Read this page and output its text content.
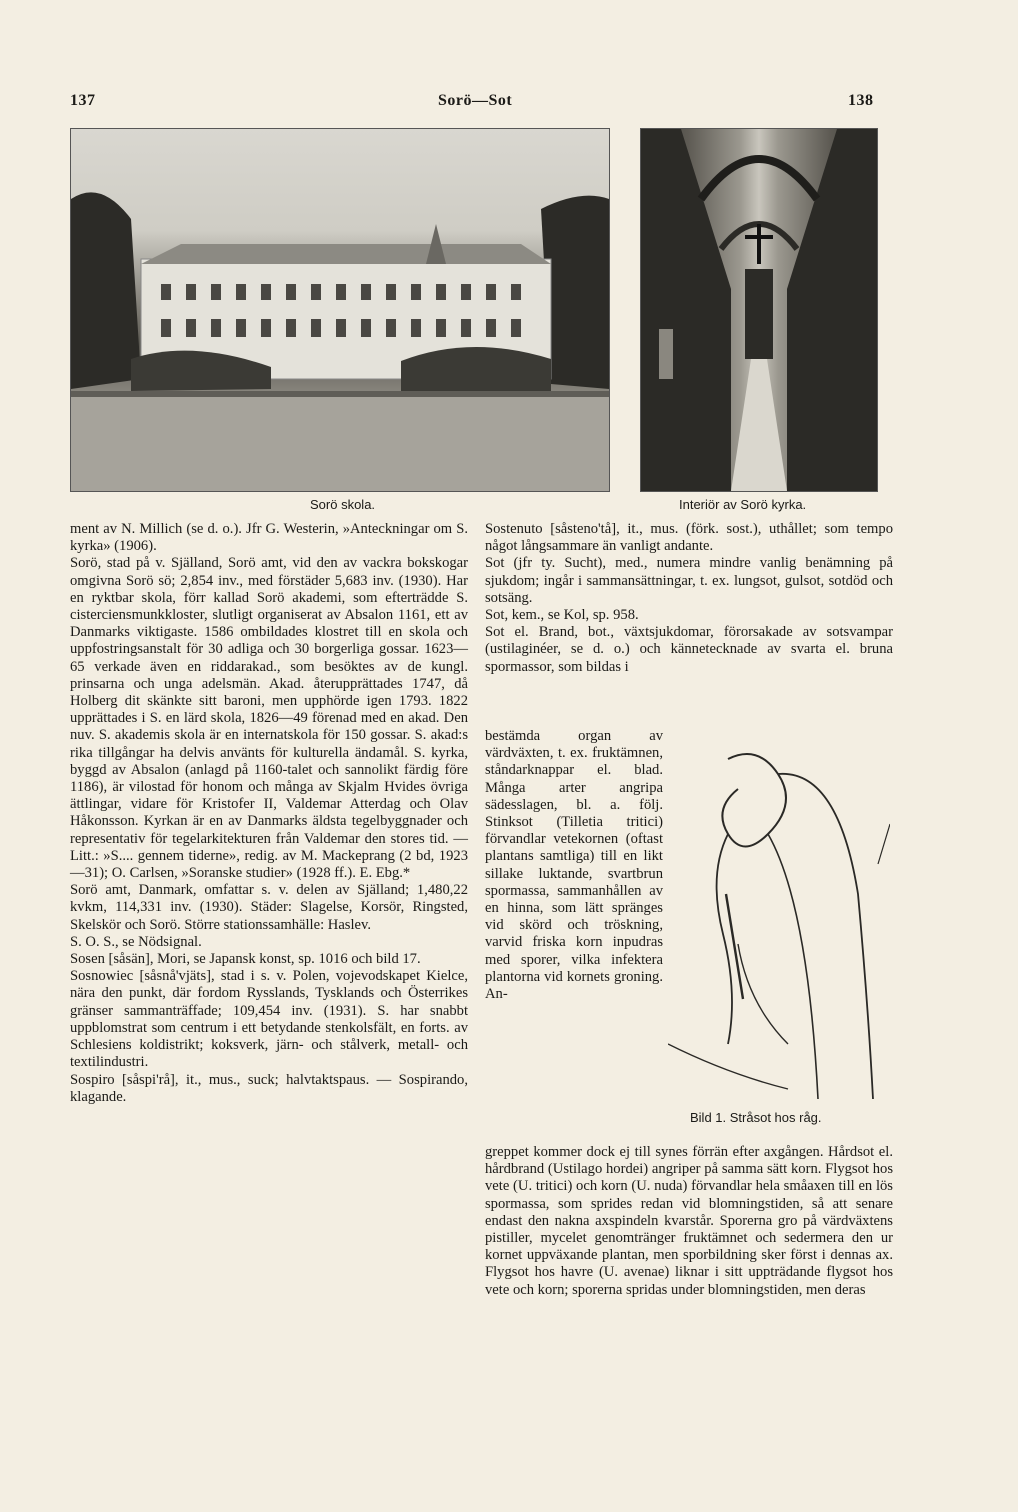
137	Sorö—Sot	138
Sorö skola.	Interiör av Sorö kyrka.

ment av N. Millich (se d. o.). Jfr G. Westerin, »Anteckningar om S. kyrka» (1906).

Sorö, stad på v. Själland, Sorö amt, vid den av vackra bokskogar omgivna Sorö sö; 2,854 inv., med förstäder 5,683 inv. (1930). Har en ryktbar skola, förr kallad Sorö akademi, som efterträdde S. cisterciensmunkkloster, slutligt organiserat av Absalon 1161, ett av Danmarks viktigaste. 1586 ombildades klostret till en skola och uppfostringsanstalt för 30 adliga och 30 borgerliga gossar. 1623—65 verkade även en riddarakad., som besöktes av de kungl. prinsarna och unga adelsmän. Akad. återupprättades 1747, då Holberg dit skänkte sitt baroni, men upphörde igen 1793. 1822 upprättades i S. en lärd skola, 1826—49 förenad med en akad. Den nuv. S. akademis skola är en internatskola för 150 gossar. S. akad:s rika tillgångar ha delvis använts för kulturella ändamål. S. kyrka, byggd av Absalon (anlagd på 1160-talet och sannolikt färdig före 1186), är vilostad för honom och många av Skjalm Hvides övriga ättlingar, vidare för Kristofer II, Valdemar Atterdag och Olav Håkonsson. Kyrkan är en av Danmarks äldsta tegelbyggnader och representativ för tegelarkitekturen från Valdemar den stores tid. — Litt.: »S.... gennem tiderne», redig. av M. Mackeprang (2 bd, 1923—31); O. Carlsen, »Soranske studier» (1928 ff.). E. Ebg.*

Sorö amt, Danmark, omfattar s. v. delen av Själland; 1,480,22 kvkm, 114,331 inv. (1930). Städer: Slagelse, Korsör, Ringsted, Skelskör och Sorö. Större stationssamhälle: Haslev.

S. O. S., se Nödsignal.

Sosen [såsän], Mori, se Japansk konst, sp. 1016 och bild 17.

Sosnowiec [såsnå'vjäts], stad i s. v. Polen, vojevodskapet Kielce, nära den punkt, där fordom Rysslands, Tysklands och Österrikes gränser sammanträffade; 109,454 inv. (1931). S. har snabbt uppblomstrat som centrum i ett betydande stenkolsfält, en forts. av Schlesiens koldistrikt; koksverk, järn- och stålverk, metall- och textilindustri.

Sospiro [såspi'rå], it., mus., suck; halvtaktspaus. — Sospirando, klagande.

Sostenuto [såsteno'tå], it., mus. (förk. sost.), uthållet; som tempo något långsammare än vanligt andante.

Sot (jfr ty. Sucht), med., numera mindre vanlig benämning på sjukdom; ingår i sammansättningar, t. ex. lungsot, gulsot, sotdöd och sotsäng.

Sot, kem., se Kol, sp. 958.

Sot el. Brand, bot., växtsjukdomar, förorsakade av sotsvampar (ustilaginéer, se d. o.) och kännetecknade av svarta el. bruna spormassor, som bildas i

bestämda organ av värdväxten, t. ex. fruktämnen, ståndarknappar el. blad. Många arter angripa sädesslagen, bl. a. följ. Stinksot (Tilletia tritici) förvandlar vetekornen (oftast plantans samtliga) till en likt sillake luktande, svartbrun spormassa, sammanhållen av en hinna, som lätt spränges vid skörd och tröskning, varvid friska korn inpudras med sporer, vilka infektera plantorna vid kornets groning. An-

Bild 1. Stråsot hos råg.

greppet kommer dock ej till synes förrän efter axgången. Hårdsot el. hårdbrand (Ustilago hordei) angriper på samma sätt korn. Flygsot hos vete (U. tritici) och korn (U. nuda) förvandlar hela småaxen till en lös spormassa, som sprides redan vid blomningstiden, så att senare endast den nakna axspindeln kvarstår. Sporerna gro på värdväxtens pistiller, mycelet genomtränger fruktämnet och sedermera den ur kornet uppväxande plantan, men sporbildning sker först i dennas ax. Flygsot hos havre (U. avenae) liknar i sitt uppträdande flygsot hos vete och korn; sporerna spridas under blomningstiden, men deras
